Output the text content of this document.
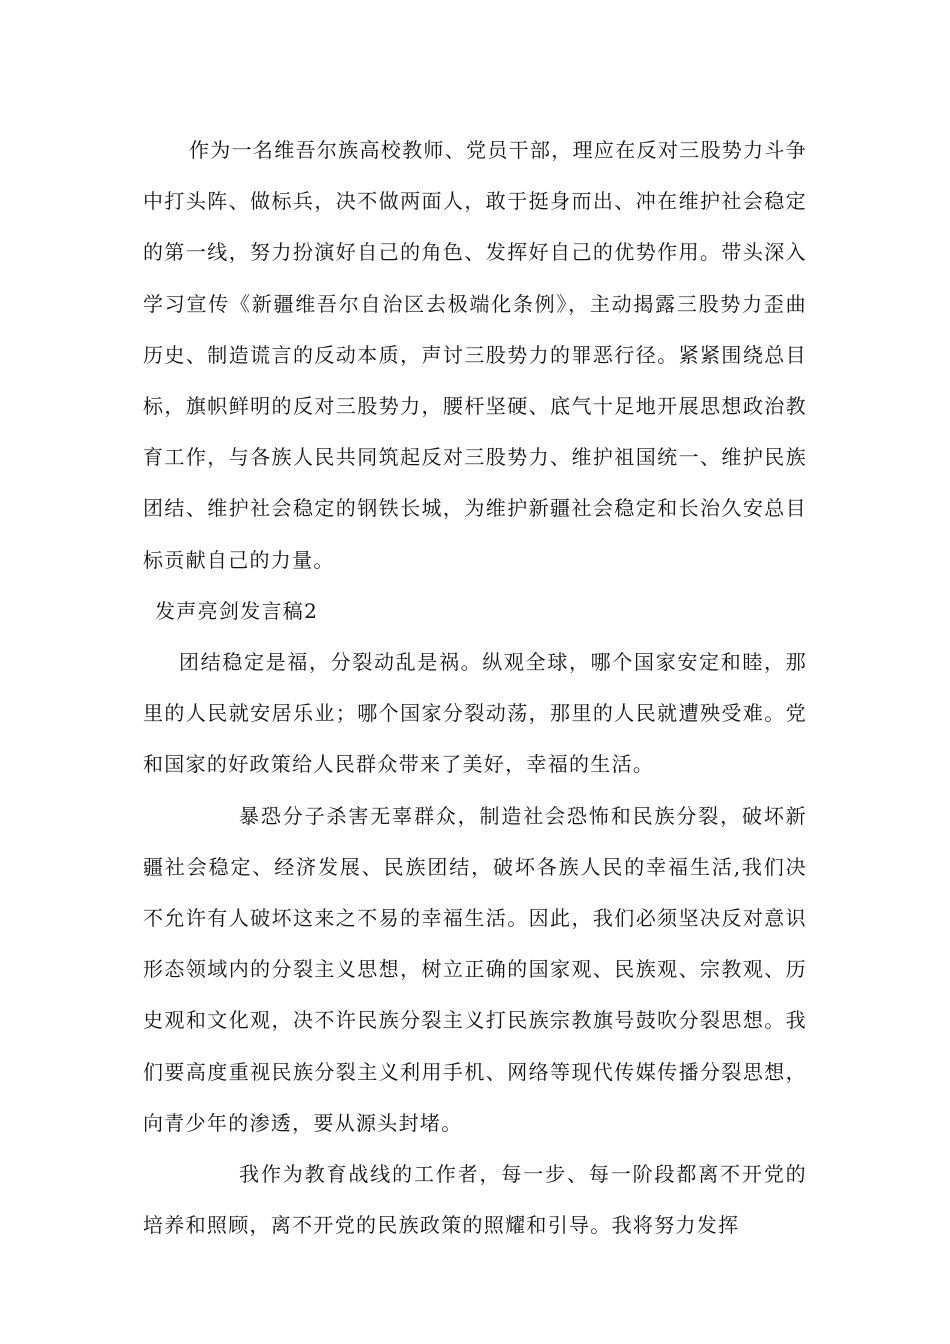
作为一名维吾尔族高校教师、党员干部，理应在反对三股势力斗争中打头阵、做标兵，决不做两面人，敢于挺身而出、冲在维护社会稳定的第一线，努力扮演好自己的角色、发挥好自己的优势作用。带头深入学习宣传《新疆维吾尔自治区去极端化条例》，主动揭露三股势力歪曲历史、制造谎言的反动本质，声讨三股势力的罪恶行径。紧紧围绕总目标，旗帜鲜明的反对三股势力，腰杆坚硬、底气十足地开展思想政治教育工作，与各族人民共同筑起反对三股势力、维护祖国统一、维护民族团结、维护社会稳定的钢铁长城，为维护新疆社会稳定和长治久安总目标贡献自己的力量。

发声亮剑发言稿2

团结稳定是福，分裂动乱是祸。纵观全球，哪个国家安定和睦，那里的人民就安居乐业；哪个国家分裂动荡，那里的人民就遭殃受难。党和国家的好政策给人民群众带来了美好，幸福的生活。

暴恐分子杀害无辜群众，制造社会恐怖和民族分裂，破坏新疆社会稳定、经济发展、民族团结，破坏各族人民的幸福生活,我们决不允许有人破坏这来之不易的幸福生活。因此，我们必须坚决反对意识形态领域内的分裂主义思想，树立正确的国家观、民族观、宗教观、历史观和文化观，决不许民族分裂主义打民族宗教旗号鼓吹分裂思想。我们要高度重视民族分裂主义利用手机、网络等现代传媒传播分裂思想，向青少年的渗透，要从源头封堵。

我作为教育战线的工作者，每一步、每一阶段都离不开党的培养和照顾，离不开党的民族政策的照耀和引导。我将努力发挥
